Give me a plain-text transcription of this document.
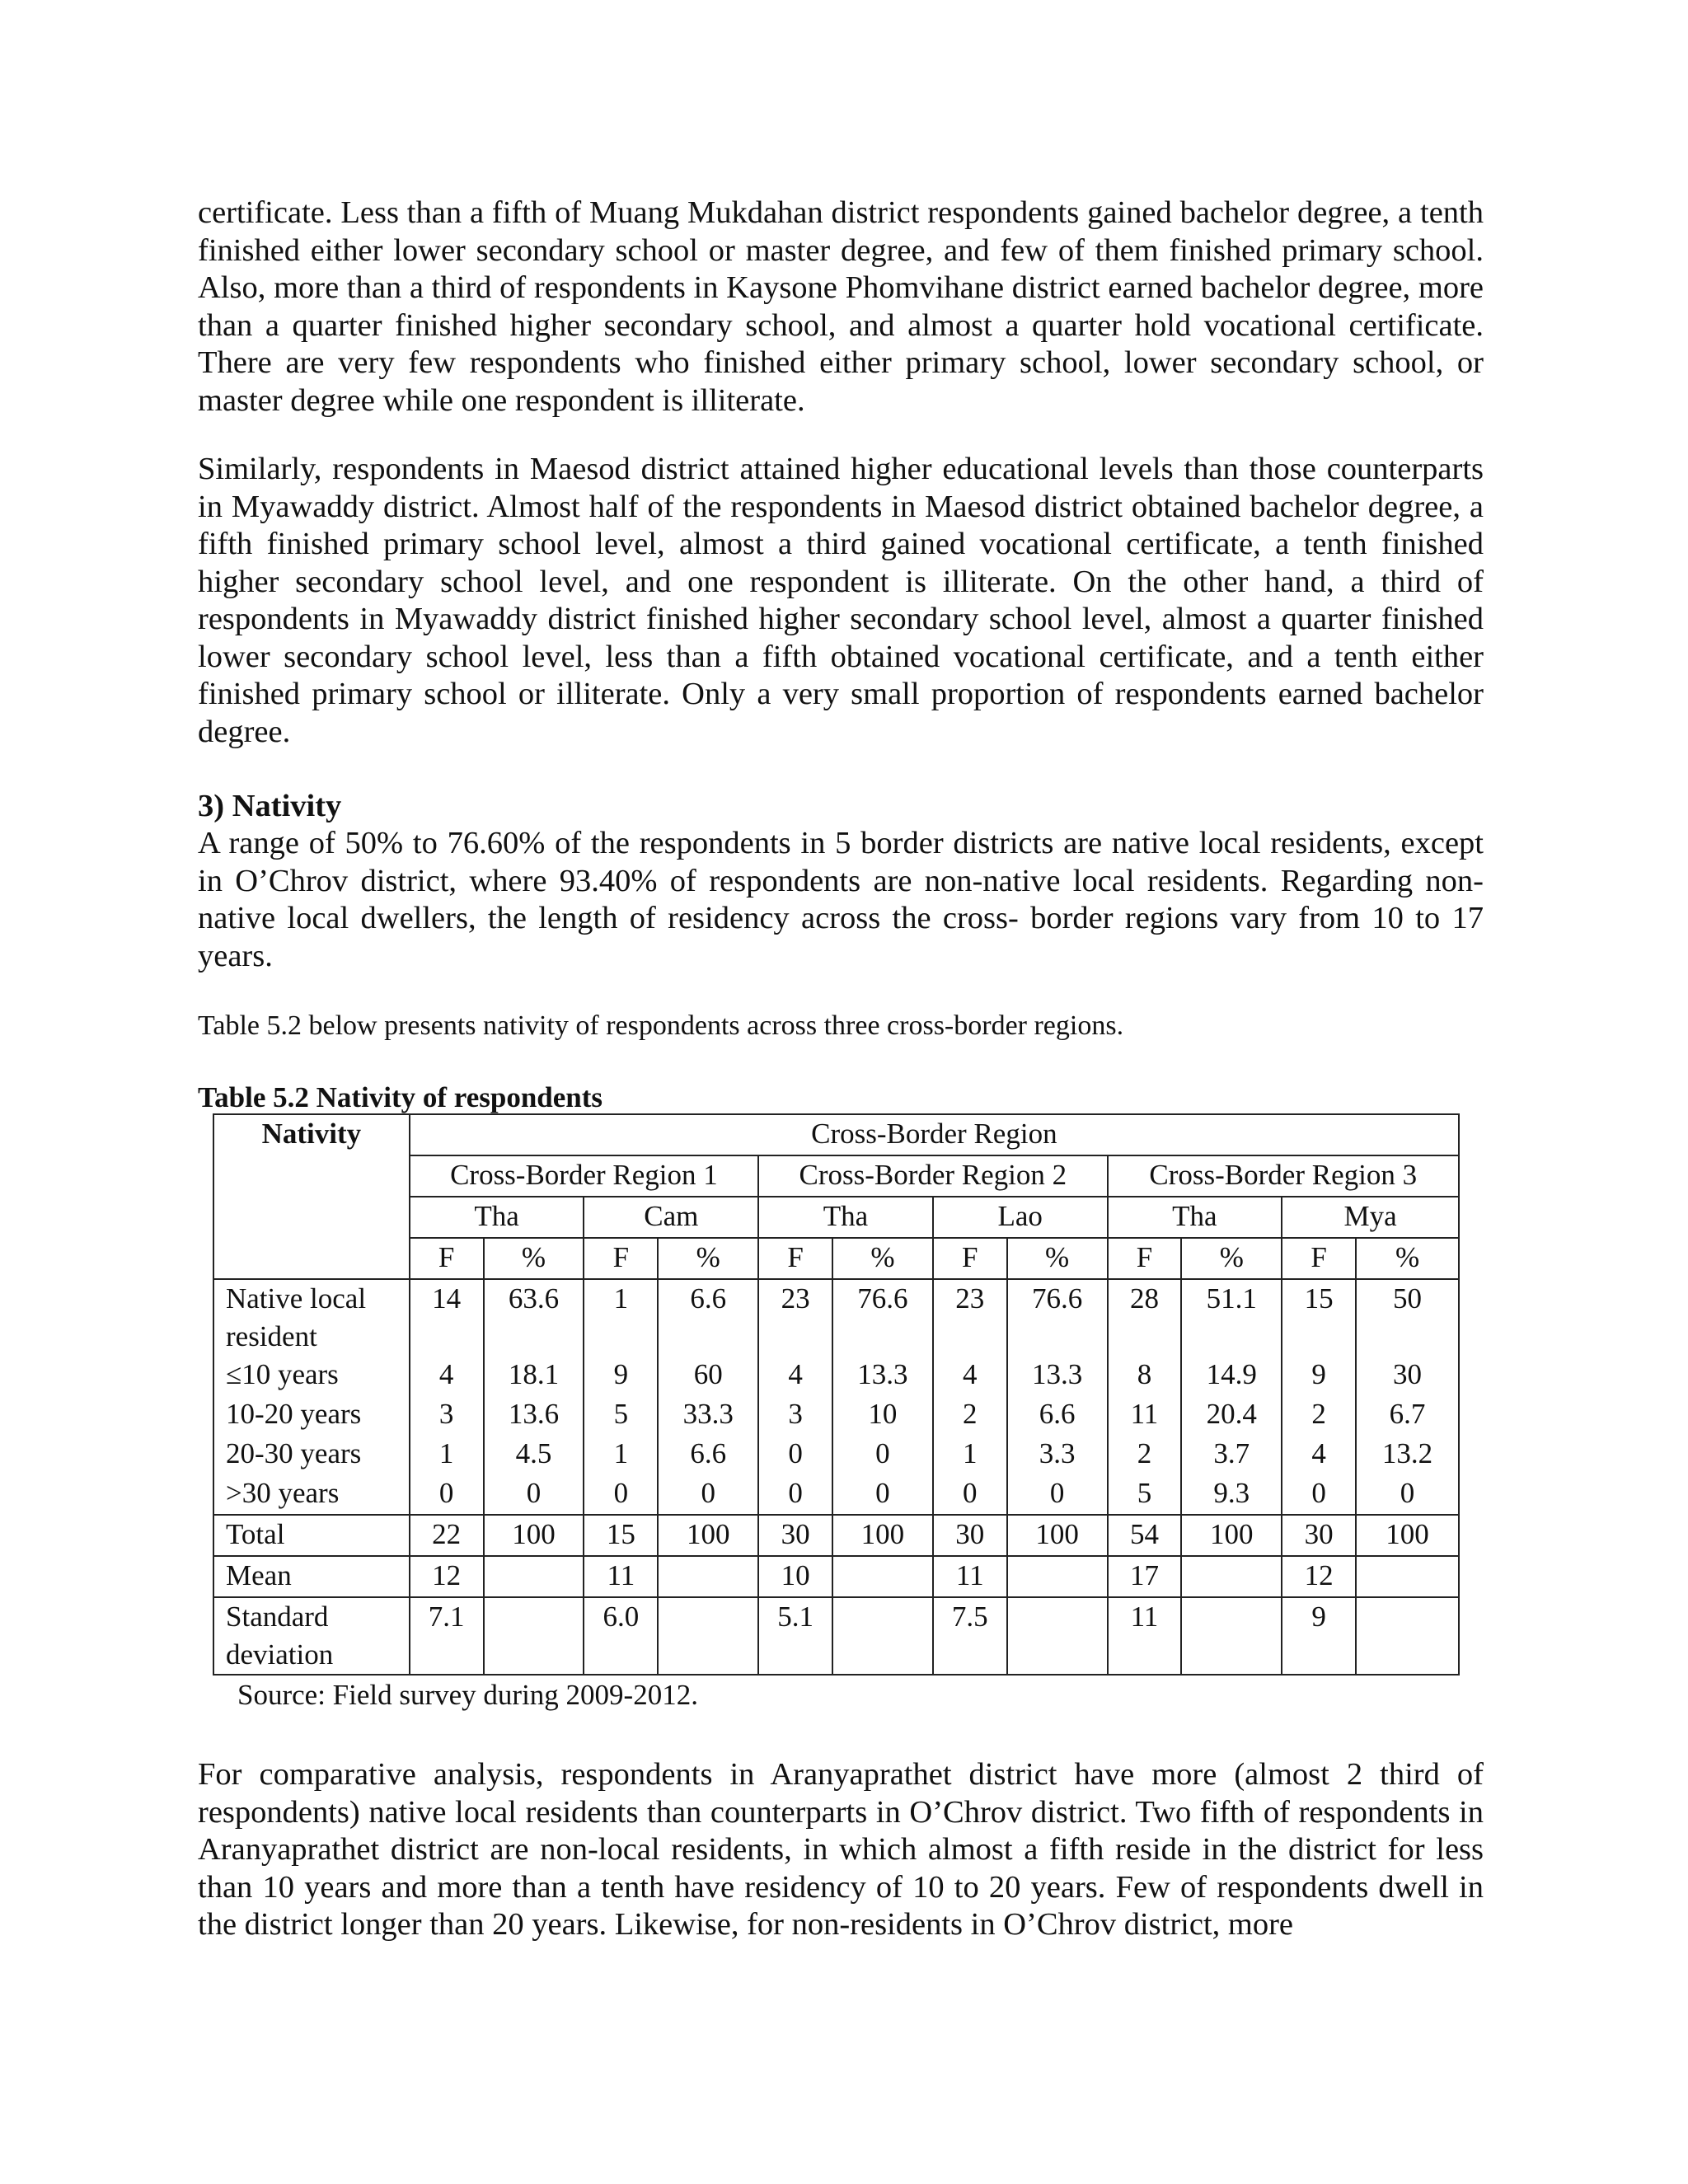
certificate. Less than a fifth of Muang Mukdahan district respondents gained bachelor degree, a tenth finished either lower secondary school or master degree, and few of them finished primary school. Also, more than a third of respondents in Kaysone Phomvihane district earned bachelor degree, more than a quarter finished higher secondary school, and almost a quarter hold vocational certificate. There are very few respondents who finished either primary school, lower secondary school, or master degree while one respondent is illiterate.

Similarly, respondents in Maesod district attained higher educational levels than those counterparts in Myawaddy district. Almost half of the respondents in Maesod district obtained bachelor degree, a fifth finished primary school level, almost a third gained vocational certificate, a tenth finished higher secondary school level, and one respondent is illiterate. On the other hand, a third of respondents in Myawaddy district finished higher secondary school level, almost a quarter finished lower secondary school level, less than a fifth obtained vocational certificate, and a tenth either finished primary school or illiterate. Only a very small proportion of respondents earned bachelor degree.

3) Nativity

A range of 50% to 76.60% of the respondents in 5 border districts are native local residents, except in O’Chrov district, where 93.40% of respondents are non-native local residents. Regarding non-native local dwellers, the length of residency across the cross- border regions vary from 10 to 17 years.

Table 5.2 below presents nativity of respondents across three cross-border regions.

Table 5.2 Nativity of respondents
Nativity	Cross-Border Region											
	Cross-Border Region 1				Cross-Border Region 2				Cross-Border Region 3			
	Tha		Cam		Tha		Lao		Tha		Mya	
	F	%	F	%	F	%	F	%	F	%	F	%
Native local resident	14	63.6	1	6.6	23	76.6	23	76.6	28	51.1	15	50
≤10 years	4	18.1	9	60	4	13.3	4	13.3	8	14.9	9	30
10-20 years	3	13.6	5	33.3	3	10	2	6.6	11	20.4	2	6.7
20-30 years	1	4.5	1	6.6	0	0	1	3.3	2	3.7	4	13.2
>30 years	0	0	0	0	0	0	0	0	5	9.3	0	0
Total	22	100	15	100	30	100	30	100	54	100	30	100
Mean	12		11		10		11		17		12	
Standard deviation	7.1		6.0		5.1		7.5		11		9	
Source: Field survey during 2009-2012.

For comparative analysis, respondents in Aranyaprathet district have more (almost 2 third of respondents) native local residents than counterparts in O’Chrov district. Two fifth of respondents in Aranyaprathet district are non-local residents, in which almost a fifth reside in the district for less than 10 years and more than a tenth have residency of 10 to 20 years. Few of respondents dwell in the district longer than 20 years. Likewise, for non-residents in O’Chrov district, more
